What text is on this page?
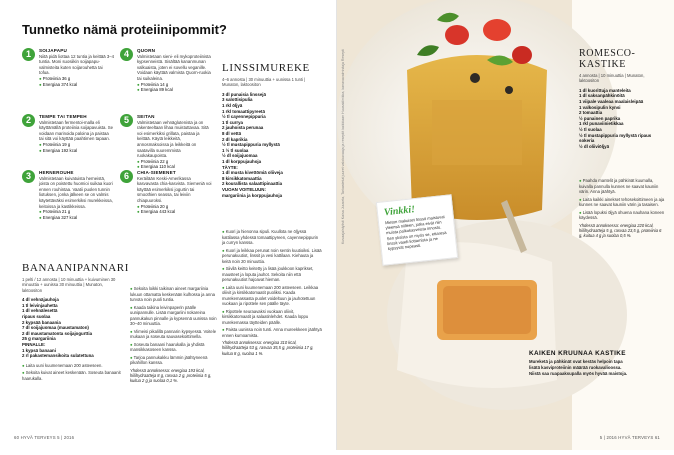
Tunnetko nämä proteiinipommit?
1	SOIJAPAPU
Niitä pidä liottaa 12 tuntia ja keittää 3–4 tuntia. Moni suosiikin soijapapu-valmisteita kuten soijarouhetta tai tofua.
● Proteiinia 36 g
● Energiaa 374 kcal
2	TEMPE TAI TEMPEH
Valmistetaan fermentoi-malla eli käyttämällä proteiinia soijapavuista. Se voidaan marinoida paloina ja paistaa tai sitä voi käyttää paahtimen tapaan.
● Proteiinia 19 g
● Energiaa 192 kcal
3	HERNEROUHE
Valmistetaan kuivatuista herneistä, joista on poistettu huomioi suikaa kuori ennen rouhintaa. Vaatii puolen tunnin liotuksen, jonka jälkeen se on valmis käytettäväksi esimerkiksi murekkeissa, keitoissa ja kastikkeissa.
● Proteiinia 21 g
● Energiaa 327 kcal
4	QUORN
Valmistetaan sieni- eli mykoproteiinista kypsenneistä. Sisältää kananmunan valkuaista, joten ei sovellu veganille. Voidaan käyttää valmista Quorn-ruokia tai suikaleina.
● Proteiinia 14 g
● Energiaa 89 kcal
5	SEITAN
Valmistetaan vehnäglutenista ja on rakenteeltaan lihaa muistuttavaa. Sitä voi esimerkiksi grillata, paistaa ja keittää. Käytä leikkeitä, annosmaksoissa ja leikkeitä on saatavilla suuremmista ruokakaupoista.
● Proteiinia 22 g
● Energiaa 110 kcal
6	CHIA-SIEMENET
Keräilään Keski-Amerikassa kasvavasta chia-kasvista. Siemeniä voi käyttää esimerkiksi jogurtin tai smoothien seassa, tai leiviin chiapuuroksi.
● Proteiinia 20 g
● Energiaa 443 kcal
BANAANIPANNARI
1 pelti / 12 annosta | 10 minuuttia + kuivuminen 30 minuuttia + uunissa 30 minuuttia | Munaton, laktoositon
4 dl vehnäjauhoja
1 tl leivinjauhetta
1 dl vehnälesettä
ripaus suolaa
2 kypsää banaania
7 dl soijajuomaa (maustamaton)
2 dl maustamatonta soijajogurttia
25 g margariinia
PINNALLE:
1 kypsä banaani
2 rl pakastemansikoita sulatettuna
● Laita uuni kuumenemaan 200 asteeseen.
● Sekoita kuivat aineet keskenään. Soseuta banaanit haarukalla.
● Sekoita loikki taikinan aineet margariinia lukuun ottamatta keskenään kulhossa ja anna turvota noin puoli tuntia.
● Kaada taikina leivinpaperin päälle uunipannulle. Lisää margariini nokareina pannukakun pinnalle ja kypsennä uunissa noin 30–40 minuuttia.
● Viimeisi pikalillä pannarin kypsyessä. Voitele mukaan ja soseuta sauvasekoittimella.
● Soseuta banaani haarukalla ja yhdistä mansikkasoseen kanssa.
● Tarjoa pannukakku lämmin jäähtyneenä pikahillon kanssa.
Yhdessä annoksessa: energiaa 193 kcal, hiilihydraatteja 8 g, rasvaa 2 g, proteiinia 5 g, kuitua 2 g ja suolaa 0,1 %.
LINSSIMUREKE
4–6 annosta | 30 minuuttia + uunissa 1 tunti | Munaton, laktoositon
3 dl punaisia linssejä
3 salottisipulia
1 rkl öljyä
1 rkl tomaattipyreetä
½ tl cayennepippuria
1 tl currya
2 jauhoista perunaa
8 dl vettä
2 dl kaprikia
½ tl mustapippuria myllystä
1 ½ tl suolaa
½ dl soijajuomaa
1 dl korppujauhoja
TÄYTE:
1 dl musta kivettömiä oliiveja
8 kirsikkatomaattia
2 kourallista salaattipinaattia
VUOAN VOITELUUN:
margariinia ja korppujauhoja
● Kuori ja hienonna sipuli. Kuullota ne öljyssä kattilassa yhdessä tomaattipyreen, cayennepippurin ja curryn kanssa.
● Kuori ja leikkaa perunat noin sentin kuutioiksi. Lisää perunakuutiot, linssit ja vesi kattilaan. Kiehauta ja keitä noin 20 minuuttia.
● Siivilä keitto keitetty ja lisää joukkoon kaprikset, mausteet ja loputa jauhot. Sekoita niin että perunakuutiot hajoavat hieman.
● Laita uuni kuumenemaan 200 asteeseen. Leikkaa oliivit ja kirsikkatomaatit puoliksi. Kaada murekemassasta puolet voideltuun ja jauhotettuun vuokaan ja ripottele sen päälle täyte.
● Ripottele seuraavaksi vuokaan oliivit, kirsikkatomaatit ja salaatinlehdet. Kaada loppu murekemassa täytteiden päälle.
● Paista uunissa noin tunti. Anna mureekkeen jäähtyä ennen kumoamista.
Yhdessä annoksessa: energiaa 310 kcal, hiilihydraatteja 53 g, rasvaa 35,5 g, proteiinia 17 g, kuitua 8 g, suolaa 1 %.
60 HYVÄ TERVEYS 5 | 2016
Kuvaaja/stylisti Kaisa Juusela, Tarkastetut juuret valokuvaaja ja reseptit kaikkiaan Huusaklinikka, kanavavalmistaja Resepti	Vinkki!
Mieton makuiset linssit maistuvat yleensä niilleen, jotka eivät niin muista palkokasveista innostu. Sen yksista on myös se, ettaresä linssit vaadi liottamista ja ne kypsyvät nopeasti.
KAIKEN KRUUNAA KASTIKE
Mureketä ja pähkinät ovat kestäs helpoin tapa lisätä kasviproteiinin määrää ruokavalioossa. Niistä saa ruapaaksupalla myös hyvää maistoja.
ROMESCO-KASTIKE
4 annosta | 10 minuuttia | Munaton, laktoositon
1 dl kuorittuja manteleita
1 dl saksanpähkinöitä
1 viipale vaaleaa maalaisleipää
1 valkosipulin kynsi
2 tomaattia
½ punainen paprika
1 rkl punaviinietikkaa
½ tl suolaa
½ tl mustapippuria myllystä ripaus sokeria
½ dl oliiviöljyä
● Paahda mantelit ja pähkinät kuumalla, kuivalla pannulla kunnes ne saavat kauniin värin. Anna jäähtyä.
● Laita kaikki ainekset tehosekoittimeen ja aja kunnes ne saavat kauniin värin ja tasaisen.
● Lisää lopuksi öljyä ohuena nauhana koneen käydessä.
Yhdessä annoksessa: energiaa 220 kcal, hiilihydraatteja 5 g, rasvaa 23,5 g, proteiinia 6 g, kuitua 4 g ja suolaa 0,5 %.
5 | 2016 HYVÄ TERVEYS 61
